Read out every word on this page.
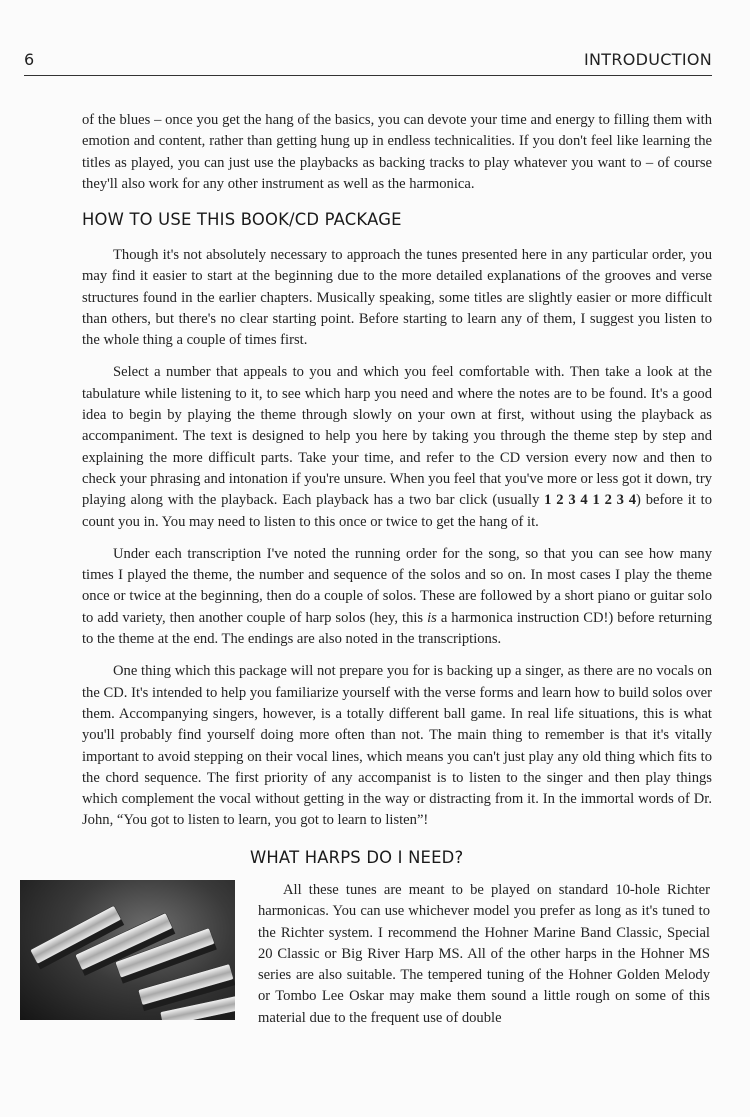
6	INTRODUCTION

of the blues – once you get the hang of the basics, you can devote your time and energy to filling them with emotion and content, rather than getting hung up in endless technicalities. If you don't feel like learning the titles as played, you can just use the playbacks as backing tracks to play whatever you want to – of course they'll also work for any other instrument as well as the harmonica.

HOW TO USE THIS BOOK/CD PACKAGE

Though it's not absolutely necessary to approach the tunes presented here in any particular order, you may find it easier to start at the beginning due to the more detailed explanations of the grooves and verse structures found in the earlier chapters. Musically speaking, some titles are slightly easier or more difficult than others, but there's no clear starting point. Before starting to learn any of them, I suggest you listen to the whole thing a couple of times first.

Select a number that appeals to you and which you feel comfortable with. Then take a look at the tabulature while listening to it, to see which harp you need and where the notes are to be found. It's a good idea to begin by playing the theme through slowly on your own at first, without using the playback as accompaniment. The text is designed to help you here by taking you through the theme step by step and explaining the more difficult parts. Take your time, and refer to the CD version every now and then to check your phrasing and intonation if you're unsure. When you feel that you've more or less got it down, try playing along with the playback. Each playback has a two bar click (usually 1 2 3 4 1 2 3 4) before it to count you in. You may need to listen to this once or twice to get the hang of it.

Under each transcription I've noted the running order for the song, so that you can see how many times I played the theme, the number and sequence of the solos and so on. In most cases I play the theme once or twice at the beginning, then do a couple of solos. These are followed by a short piano or guitar solo to add variety, then another couple of harp solos (hey, this is a harmonica instruction CD!) before returning to the theme at the end. The endings are also noted in the transcriptions.

One thing which this package will not prepare you for is backing up a singer, as there are no vocals on the CD. It's intended to help you familiarize yourself with the verse forms and learn how to build solos over them. Accompanying singers, however, is a totally different ball game. In real life situations, this is what you'll probably find yourself doing more often than not. The main thing to remember is that it's vitally important to avoid stepping on their vocal lines, which means you can't just play any old thing which fits to the chord sequence. The first priority of any accompanist is to listen to the singer and then play things which complement the vocal without getting in the way or distracting from it. In the immortal words of Dr. John, “You got to listen to learn, you got to learn to listen”!

WHAT HARPS DO I NEED?
All these tunes are meant to be played on standard 10-hole Richter harmonicas. You can use whichever model you prefer as long as it's tuned to the Richter system. I recommend the Hohner Marine Band Classic, Special 20 Classic or Big River Harp MS. All of the other harps in the Hohner MS series are also suitable. The tempered tuning of the Hohner Golden Melody or Tombo Lee Oskar may make them sound a little rough on some of this material due to the frequent use of double
